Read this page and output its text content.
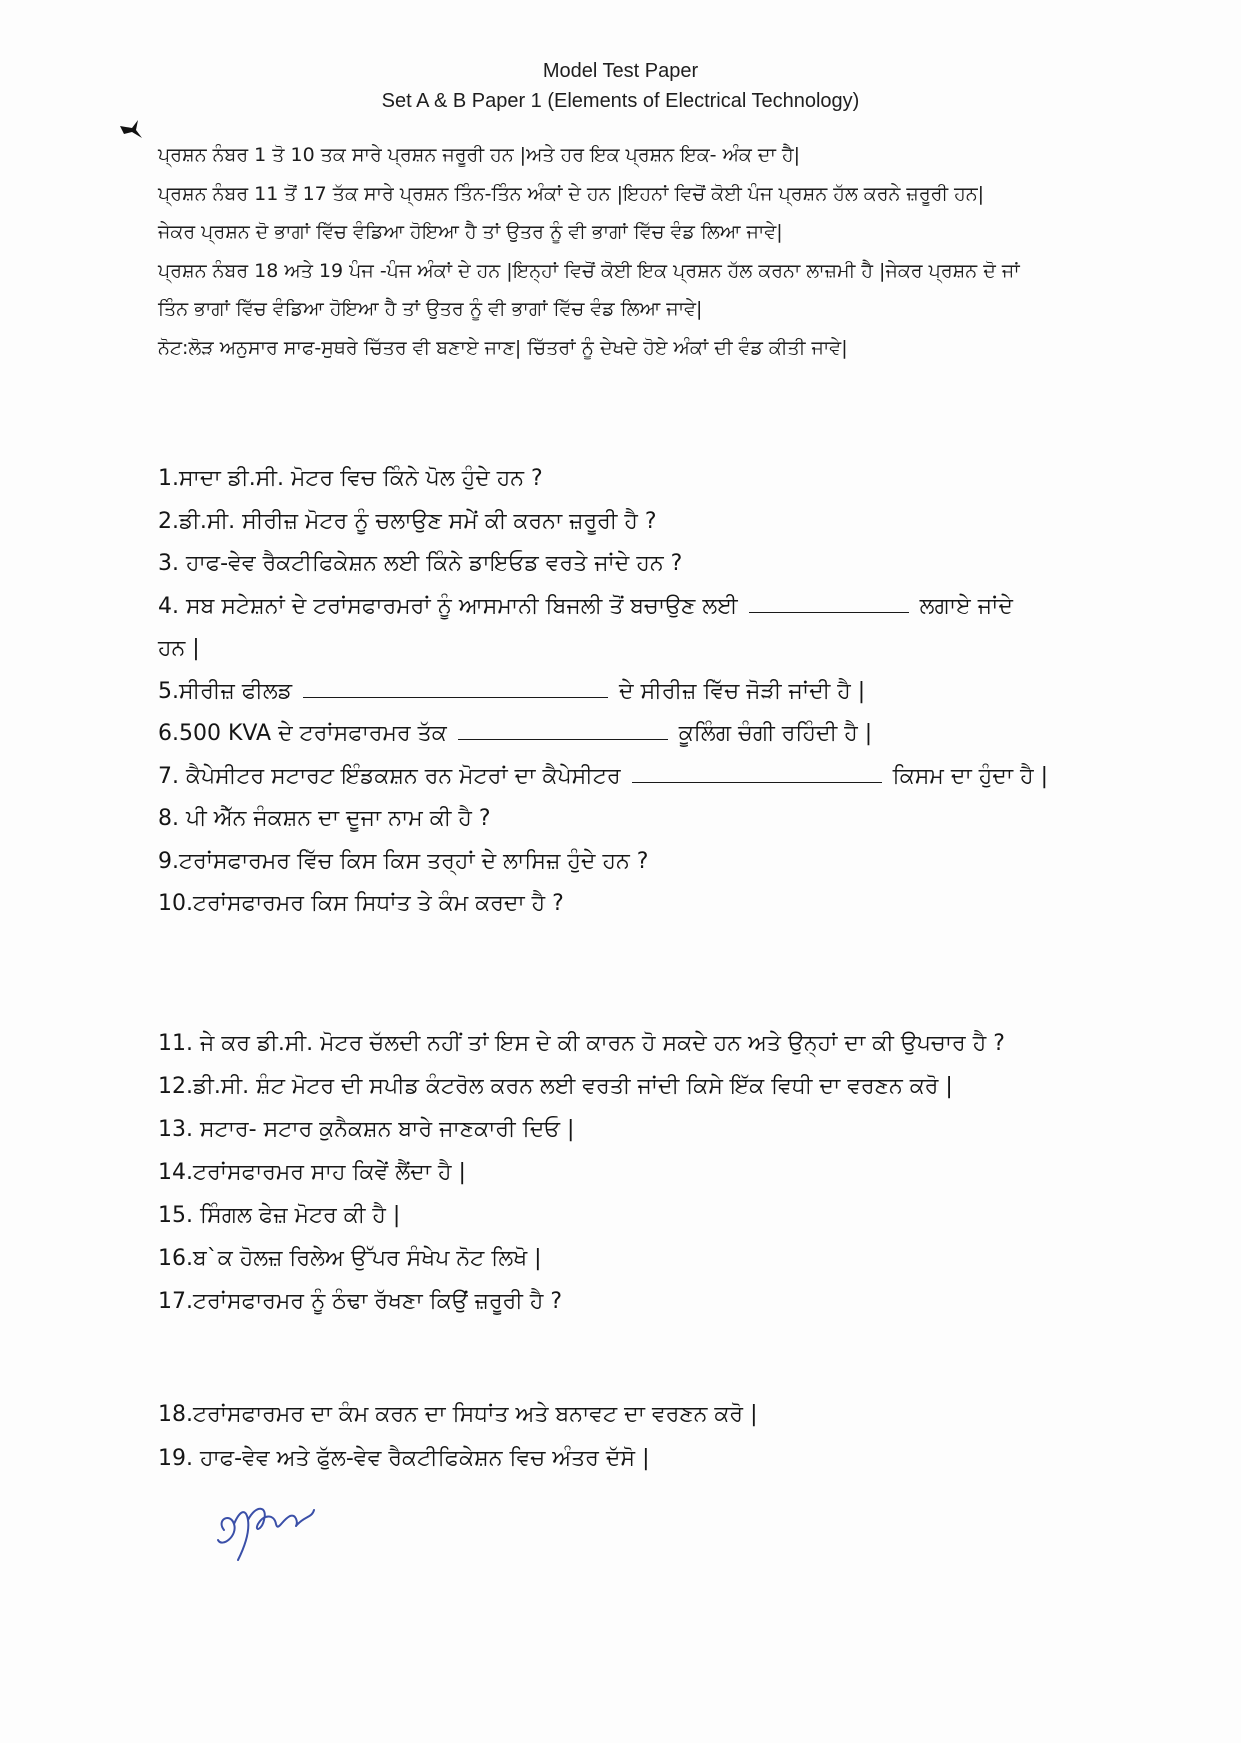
Model Test Paper
Set A & B Paper 1 (Elements of Electrical Technology)
ਪ੍ਰਸ਼ਨ ਨੰਬਰ 1 ਤੋ 10 ਤਕ ਸਾਰੇ ਪ੍ਰਸ਼ਨ ਜਰੂਰੀ ਹਨ |ਅਤੇ ਹਰ ਇਕ ਪ੍ਰਸ਼ਨ ਇਕ- ਅੰਕ ਦਾ ਹੈ|
ਪ੍ਰਸ਼ਨ ਨੰਬਰ 11 ਤੋਂ 17 ਤੱਕ ਸਾਰੇ ਪ੍ਰਸ਼ਨ ਤਿੰਨ-ਤਿੰਨ ਅੰਕਾਂ ਦੇ ਹਨ |ਇਹਨਾਂ ਵਿਚੋਂ ਕੋਈ ਪੰਜ ਪ੍ਰਸ਼ਨ ਹੱਲ ਕਰਨੇ ਜ਼ਰੂਰੀ ਹਨ|
ਜੇਕਰ ਪ੍ਰਸ਼ਨ ਦੋ ਭਾਗਾਂ ਵਿੱਚ ਵੰਡਿਆ ਹੋਇਆ ਹੈ ਤਾਂ ਉਤਰ ਨੂੰ ਵੀ ਭਾਗਾਂ ਵਿੱਚ ਵੰਡ ਲਿਆ ਜਾਵੇ|
ਪ੍ਰਸ਼ਨ ਨੰਬਰ 18 ਅਤੇ 19 ਪੰਜ -ਪੰਜ ਅੰਕਾਂ ਦੇ ਹਨ |ਇਨ੍ਹਾਂ ਵਿਚੋਂ ਕੋਈ ਇਕ ਪ੍ਰਸ਼ਨ ਹੱਲ ਕਰਨਾ ਲਾਜ਼ਮੀ ਹੈ |ਜੇਕਰ ਪ੍ਰਸ਼ਨ ਦੋ ਜਾਂ
ਤਿੰਨ ਭਾਗਾਂ ਵਿੱਚ ਵੰਡਿਆ ਹੋਇਆ ਹੈ ਤਾਂ ਉਤਰ ਨੂੰ ਵੀ ਭਾਗਾਂ ਵਿੱਚ ਵੰਡ ਲਿਆ ਜਾਵੇ|
ਨੋਟ:ਲੋੜ ਅਨੁਸਾਰ ਸਾਫ-ਸੁਥਰੇ ਚਿੱਤਰ ਵੀ ਬਣਾਏ ਜਾਣ| ਚਿੱਤਰਾਂ ਨੂੰ ਦੇਖਦੇ ਹੋਏ ਅੰਕਾਂ ਦੀ ਵੰਡ ਕੀਤੀ ਜਾਵੇ|
1.ਸਾਦਾ ਡੀ.ਸੀ. ਮੋਟਰ ਵਿਚ ਕਿੰਨੇ ਪੋਲ ਹੁੰਦੇ ਹਨ ?
2.ਡੀ.ਸੀ. ਸੀਰੀਜ਼ ਮੋਟਰ ਨੂੰ ਚਲਾਉਣ ਸਮੇਂ ਕੀ ਕਰਨਾ ਜ਼ਰੂਰੀ ਹੈ ?
3. ਹਾਫ-ਵੇਵ ਰੈਕਟੀਫਿਕੇਸ਼ਨ ਲਈ ਕਿੰਨੇ ਡਾਇਓਡ ਵਰਤੇ ਜਾਂਦੇ ਹਨ ?
4. ਸਬ ਸਟੇਸ਼ਨਾਂ ਦੇ ਟਰਾਂਸਫਾਰਮਰਾਂ ਨੂੰ ਆਸਮਾਨੀ ਬਿਜਲੀ ਤੋਂ ਬਚਾਉਣ ਲਈ	ਲਗਾਏ ਜਾਂਦੇ
ਹਨ |
5.ਸੀਰੀਜ਼ ਫੀਲਡ	ਦੇ ਸੀਰੀਜ਼ ਵਿੱਚ ਜੋੜੀ ਜਾਂਦੀ ਹੈ |
6.500 KVA ਦੇ ਟਰਾਂਸਫਾਰਮਰ ਤੱਕ	ਕੂਲਿੰਗ ਚੰਗੀ ਰਹਿੰਦੀ ਹੈ |
7. ਕੈਪੇਸੀਟਰ ਸਟਾਰਟ ਇੰਡਕਸ਼ਨ ਰਨ ਮੋਟਰਾਂ ਦਾ ਕੈਪੇਸੀਟਰ	ਕਿਸਮ ਦਾ ਹੁੰਦਾ ਹੈ |
8. ਪੀ ਐੱਨ ਜੰਕਸ਼ਨ ਦਾ ਦੂਜਾ ਨਾਮ ਕੀ ਹੈ ?
9.ਟਰਾਂਸਫਾਰਮਰ ਵਿੱਚ ਕਿਸ ਕਿਸ ਤਰ੍ਹਾਂ ਦੇ ਲਾਸਿਜ਼ ਹੁੰਦੇ ਹਨ ?
10.ਟਰਾਂਸਫਾਰਮਰ ਕਿਸ ਸਿਧਾਂਤ ਤੇ ਕੰਮ ਕਰਦਾ ਹੈ ?
11. ਜੇ ਕਰ ਡੀ.ਸੀ. ਮੋਟਰ ਚੱਲਦੀ ਨਹੀਂ ਤਾਂ ਇਸ ਦੇ ਕੀ ਕਾਰਨ ਹੋ ਸਕਦੇ ਹਨ ਅਤੇ ਉਨ੍ਹਾਂ ਦਾ ਕੀ ਉਪਚਾਰ ਹੈ ?
12.ਡੀ.ਸੀ. ਸ਼ੰਟ ਮੋਟਰ ਦੀ ਸਪੀਡ ਕੰਟਰੋਲ ਕਰਨ ਲਈ ਵਰਤੀ ਜਾਂਦੀ ਕਿਸੇ ਇੱਕ ਵਿਧੀ ਦਾ ਵਰਣਨ ਕਰੋ |
13. ਸਟਾਰ- ਸਟਾਰ ਕੁਨੈਕਸ਼ਨ ਬਾਰੇ ਜਾਣਕਾਰੀ ਦਿਓ |
14.ਟਰਾਂਸਫਾਰਮਰ ਸਾਹ ਕਿਵੇਂ ਲੈਂਦਾ ਹੈ |
15. ਸਿੰਗਲ ਫੇਜ਼ ਮੋਟਰ ਕੀ ਹੈ |
16.ਬ`ਕ ਹੋਲਜ਼ ਰਿਲੇਅ ਉੱਪਰ ਸੰਖੇਪ ਨੋਟ ਲਿਖੋ |
17.ਟਰਾਂਸਫਾਰਮਰ ਨੂੰ ਠੰਢਾ ਰੱਖਣਾ ਕਿਉਂ ਜ਼ਰੂਰੀ ਹੈ ?
18.ਟਰਾਂਸਫਾਰਮਰ ਦਾ ਕੰਮ ਕਰਨ ਦਾ ਸਿਧਾਂਤ ਅਤੇ ਬਨਾਵਟ ਦਾ ਵਰਣਨ ਕਰੋ |
19. ਹਾਫ-ਵੇਵ ਅਤੇ ਫੁੱਲ-ਵੇਵ ਰੈਕਟੀਫਿਕੇਸ਼ਨ ਵਿਚ ਅੰਤਰ ਦੱਸੋ |
